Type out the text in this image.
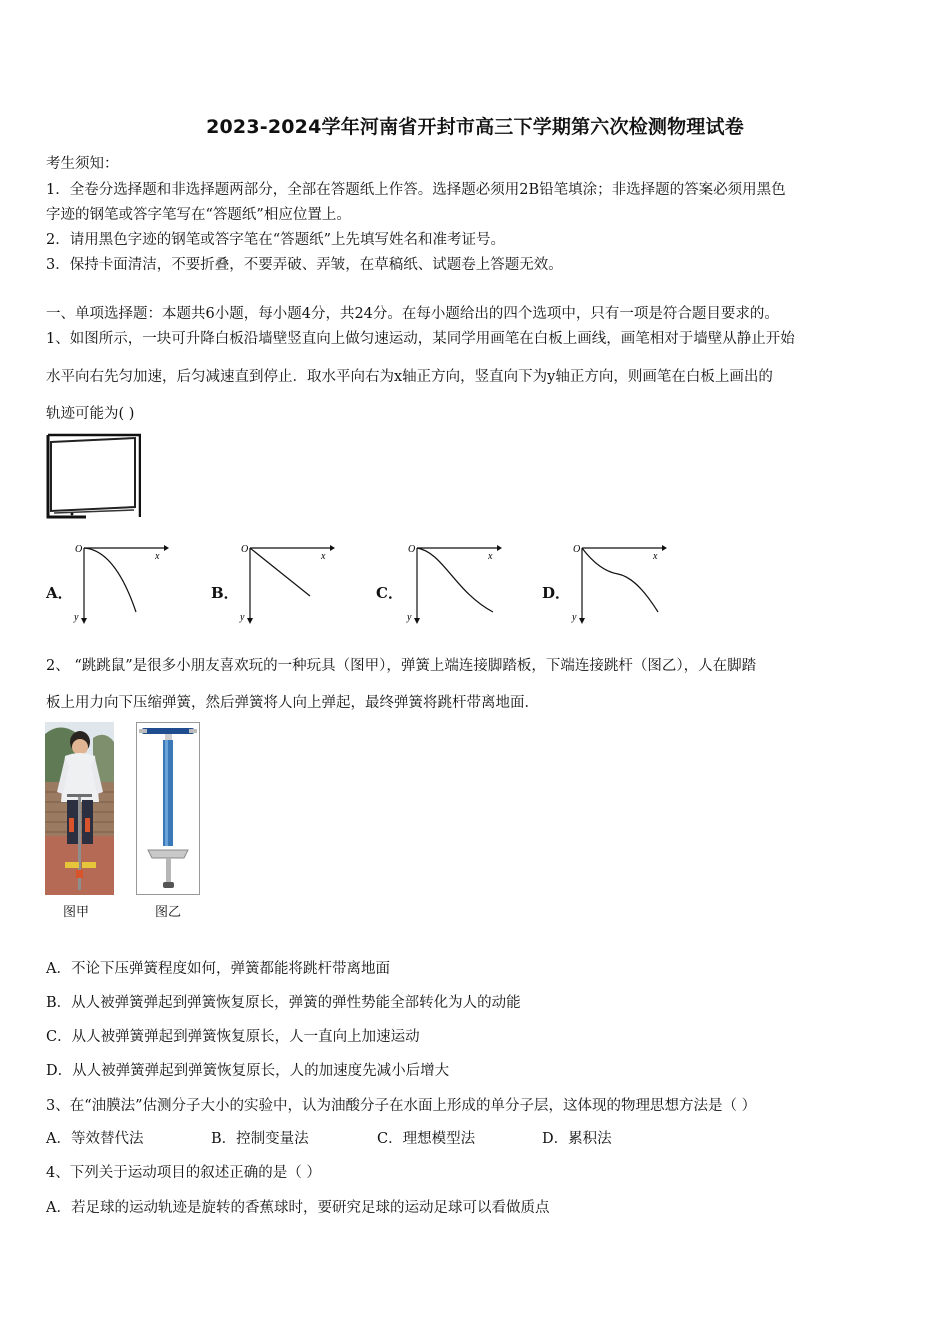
2023-2024学年河南省开封市高三下学期第六次检测物理试卷
考生须知：
1．全卷分选择题和非选择题两部分，全部在答题纸上作答。选择题必须用2B铅笔填涂；非选择题的答案必须用黑色
字迹的钢笔或答字笔写在“答题纸”相应位置上。
2．请用黑色字迹的钢笔或答字笔在“答题纸”上先填写姓名和准考证号。
3．保持卡面清洁，不要折叠，不要弄破、弄皱，在草稿纸、试题卷上答题无效。
一、单项选择题：本题共6小题，每小题4分，共24分。在每小题给出的四个选项中，只有一项是符合题目要求的。
1、如图所示，一块可升降白板沿墙壁竖直向上做匀速运动，某同学用画笔在白板上画线，画笔相对于墙壁从静止开始
水平向右先匀加速，后匀减速直到停止．取水平向右为x轴正方向，竖直向下为y轴正方向，则画笔在白板上画出的
轨迹可能为( )
A．
O
x
y
B．
O
x
y
C．
O
x
y
D．
O
x
y
2、 “跳跳鼠”是很多小朋友喜欢玩的一种玩具（图甲），弹簧上端连接脚踏板，下端连接跳杆（图乙），人在脚踏
板上用力向下压缩弹簧，然后弹簧将人向上弹起，最终弹簧将跳杆带离地面．
图甲	图乙
A．不论下压弹簧程度如何，弹簧都能将跳杆带离地面
B．从人被弹簧弹起到弹簧恢复原长，弹簧的弹性势能全部转化为人的动能
C．从人被弹簧弹起到弹簧恢复原长，人一直向上加速运动
D．从人被弹簧弹起到弹簧恢复原长，人的加速度先减小后增大
3、在“油膜法”估测分子大小的实验中，认为油酸分子在水面上形成的单分子层，这体现的物理思想方法是（ ）
A．等效替代法	B．控制变量法	C．理想模型法	D．累积法
4、下列关于运动项目的叙述正确的是（ ）
A．若足球的运动轨迹是旋转的香蕉球时，要研究足球的运动足球可以看做质点
